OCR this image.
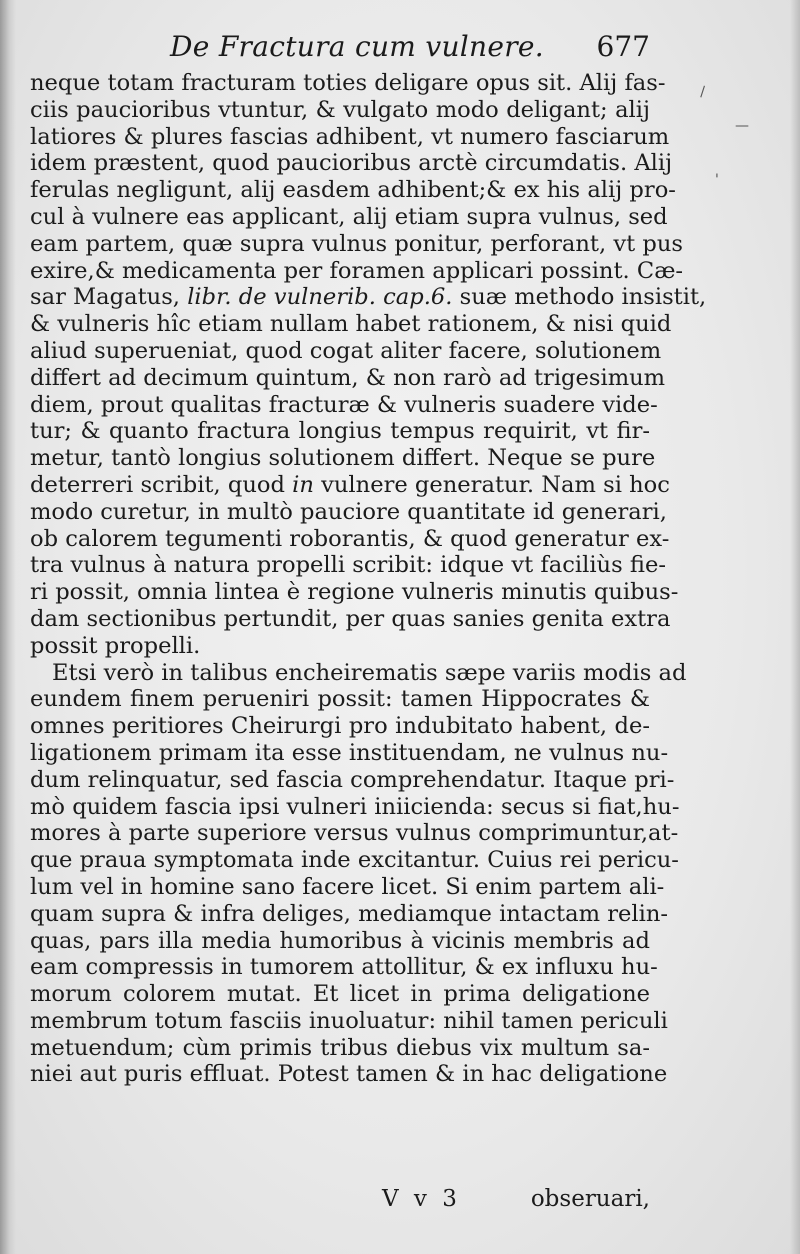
De Fractura cum vulnere. 677
neque totam fracturam toties deligare opus sit. Alij fas-
ciis paucioribus vtuntur, & vulgato modo deligant; alij
latiores & plures fascias adhibent, vt numero fasciarum
idem præstent, quod paucioribus arctè circumdatis. Alij
ferulas negligunt, alij easdem adhibent;& ex his alij pro-
cul à vulnere eas applicant, alij etiam supra vulnus, sed
eam partem, quæ supra vulnus ponitur, perforant, vt pus
exire,& medicamenta per foramen applicari possint. Cæ-
sar Magatus, libr. de vulnerib. cap.6. suæ methodo insistit,
& vulneris hîc etiam nullam habet rationem, & nisi quid
aliud superueniat, quod cogat aliter facere, solutionem
differt ad decimum quintum, & non rarò ad trigesimum
diem, prout qualitas fracturæ & vulneris suadere vide-
tur; & quanto fractura longius tempus requirit, vt fir-
metur, tantò longius solutionem differt. Neque se pure
deterreri scribit, quod in vulnere generatur. Nam si hoc
modo curetur, in multò pauciore quantitate id generari,
ob calorem tegumenti roborantis, & quod generatur ex-
tra vulnus à natura propelli scribit: idque vt faciliùs fie-
ri possit, omnia lintea è regione vulneris minutis quibus-
dam sectionibus pertundit, per quas sanies genita extra
possit propelli.
Etsi verò in talibus encheirematis sæpe variis modis ad
eundem finem perueniri possit: tamen Hippocrates &
omnes peritiores Cheirurgi pro indubitato habent, de-
ligationem primam ita esse instituendam, ne vulnus nu-
dum relinquatur, sed fascia comprehendatur. Itaque pri-
mò quidem fascia ipsi vulneri iniicienda: secus si fiat,hu-
mores à parte superiore versus vulnus comprimuntur,at-
que praua symptomata inde excitantur. Cuius rei pericu-
lum vel in homine sano facere licet. Si enim partem ali-
quam supra & infra deliges, mediamque intactam relin-
quas, pars illa media humoribus à vicinis membris ad
eam compressis in tumorem attollitur, & ex influxu hu-
morum colorem mutat. Et licet in prima deligatione
membrum totum fasciis inuoluatur: nihil tamen periculi
metuendum; cùm primis tribus diebus vix multum sa-
niei aut puris effluat. Potest tamen & in hac deligatione
V v 3	obseruari,
\
—
'
